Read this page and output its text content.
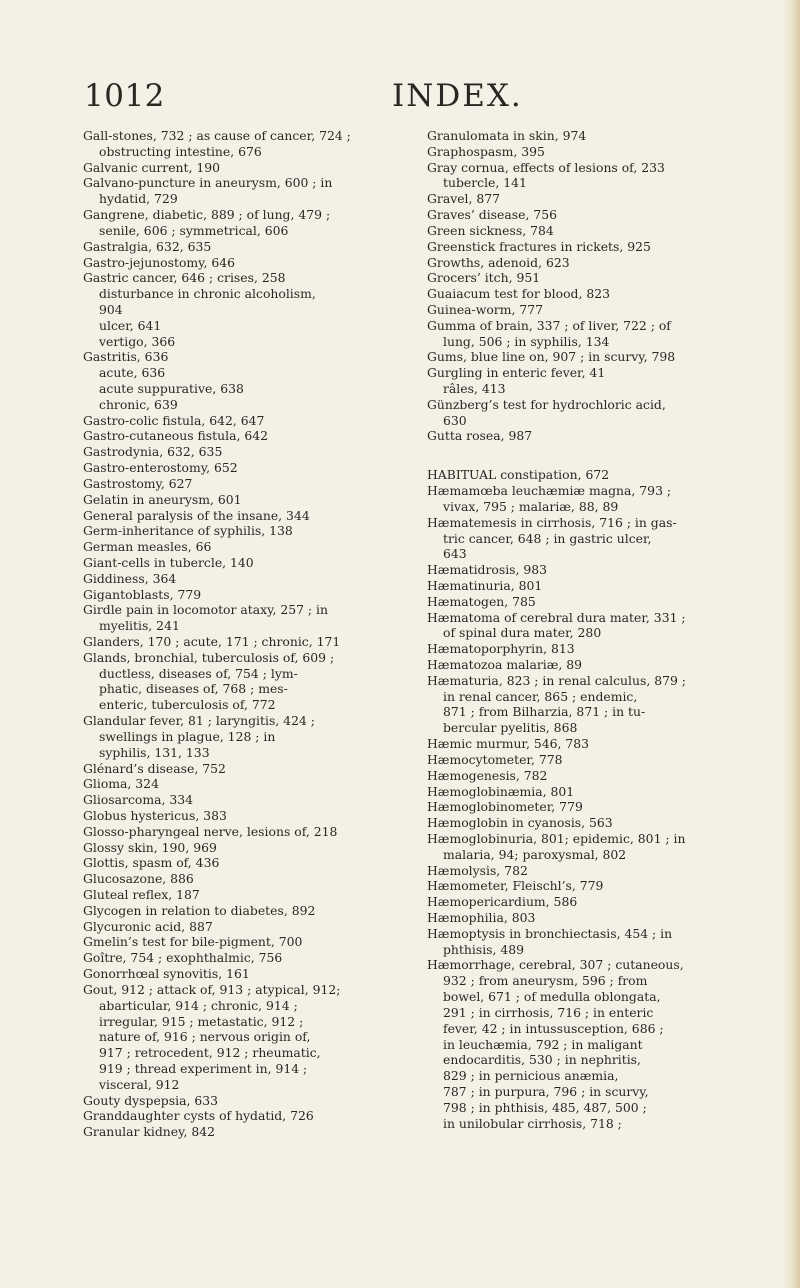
1012	INDEX.

Gall-stones, 732 ; as cause of cancer, 724 ;
obstructing intestine, 676

Galvanic current, 190

Galvano-puncture in aneurysm, 600 ; in
hydatid, 729

Gangrene, diabetic, 889 ; of lung, 479 ;
senile, 606 ; symmetrical, 606

Gastralgia, 632, 635

Gastro-jejunostomy, 646

Gastric cancer, 646 ; crises, 258
disturbance in chronic alcoholism,
904
ulcer, 641
vertigo, 366

Gastritis, 636
acute, 636
acute suppurative, 638
chronic, 639

Gastro-colic fistula, 642, 647

Gastro-cutaneous fistula, 642

Gastrodynia, 632, 635

Gastro-enterostomy, 652

Gastrostomy, 627

Gelatin in aneurysm, 601

General paralysis of the insane, 344

Germ-inheritance of syphilis, 138

German measles, 66

Giant-cells in tubercle, 140

Giddiness, 364

Gigantoblasts, 779

Girdle pain in locomotor ataxy, 257 ; in
myelitis, 241

Glanders, 170 ; acute, 171 ; chronic, 171

Glands, bronchial, tuberculosis of, 609 ;
ductless, diseases of, 754 ; lym-
phatic, diseases of, 768 ; mes-
enteric, tuberculosis of, 772

Glandular fever, 81 ; laryngitis, 424 ;
swellings in plague, 128 ; in
syphilis, 131, 133

Glénard’s disease, 752

Glioma, 324

Gliosarcoma, 334

Globus hystericus, 383

Glosso-pharyngeal nerve, lesions of, 218

Glossy skin, 190, 969

Glottis, spasm of, 436

Glucosazone, 886

Gluteal reflex, 187

Glycogen in relation to diabetes, 892

Glycuronic acid, 887

Gmelin’s test for bile-pigment, 700

Goître, 754 ; exophthalmic, 756

Gonorrhœal synovitis, 161

Gout, 912 ; attack of, 913 ; atypical, 912;
abarticular, 914 ; chronic, 914 ;
irregular, 915 ; metastatic, 912 ;
nature of, 916 ; nervous origin of,
917 ; retrocedent, 912 ; rheumatic,
919 ; thread experiment in, 914 ;
visceral, 912

Gouty dyspepsia, 633

Granddaughter cysts of hydatid, 726

Granular kidney, 842

Granulomata in skin, 974

Graphospasm, 395

Gray cornua, effects of lesions of, 233
tubercle, 141

Gravel, 877

Graves’ disease, 756

Green sickness, 784

Greenstick fractures in rickets, 925

Growths, adenoid, 623

Grocers’ itch, 951

Guaiacum test for blood, 823

Guinea-worm, 777

Gumma of brain, 337 ; of liver, 722 ; of
lung, 506 ; in syphilis, 134

Gums, blue line on, 907 ; in scurvy, 798

Gurgling in enteric fever, 41
râles, 413

Günzberg’s test for hydrochloric acid,
630

Gutta rosea, 987

HABITUAL constipation, 672

Hæmamœba leuchæmiæ magna, 793 ;
vivax, 795 ; malariæ, 88, 89

Hæmatemesis in cirrhosis, 716 ; in gas-
tric cancer, 648 ; in gastric ulcer,
643

Hæmatidrosis, 983

Hæmatinuria, 801

Hæmatogen, 785

Hæmatoma of cerebral dura mater, 331 ;
of spinal dura mater, 280

Hæmatoporphyrin, 813

Hæmatozoa malariæ, 89

Hæmaturia, 823 ; in renal calculus, 879 ;
in renal cancer, 865 ; endemic,
871 ; from Bilharzia, 871 ; in tu-
bercular pyelitis, 868

Hæmic murmur, 546, 783

Hæmocytometer, 778

Hæmogenesis, 782

Hæmoglobinæmia, 801

Hæmoglobinometer, 779

Hæmoglobin in cyanosis, 563

Hæmoglobinuria, 801; epidemic, 801 ; in
malaria, 94; paroxysmal, 802

Hæmolysis, 782

Hæmometer, Fleischl’s, 779

Hæmopericardium, 586

Hæmophilia, 803

Hæmoptysis in bronchiectasis, 454 ; in
phthisis, 489

Hæmorrhage, cerebral, 307 ; cutaneous,
932 ; from aneurysm, 596 ; from
bowel, 671 ; of medulla oblongata,
291 ; in cirrhosis, 716 ; in enteric
fever, 42 ; in intussusception, 686 ;
in leuchæmia, 792 ; in maligant
endocarditis, 530 ; in nephritis,
829 ; in pernicious anæmia,
787 ; in purpura, 796 ; in scurvy,
798 ; in phthisis, 485, 487, 500 ;
in unilobular cirrhosis, 718 ;
